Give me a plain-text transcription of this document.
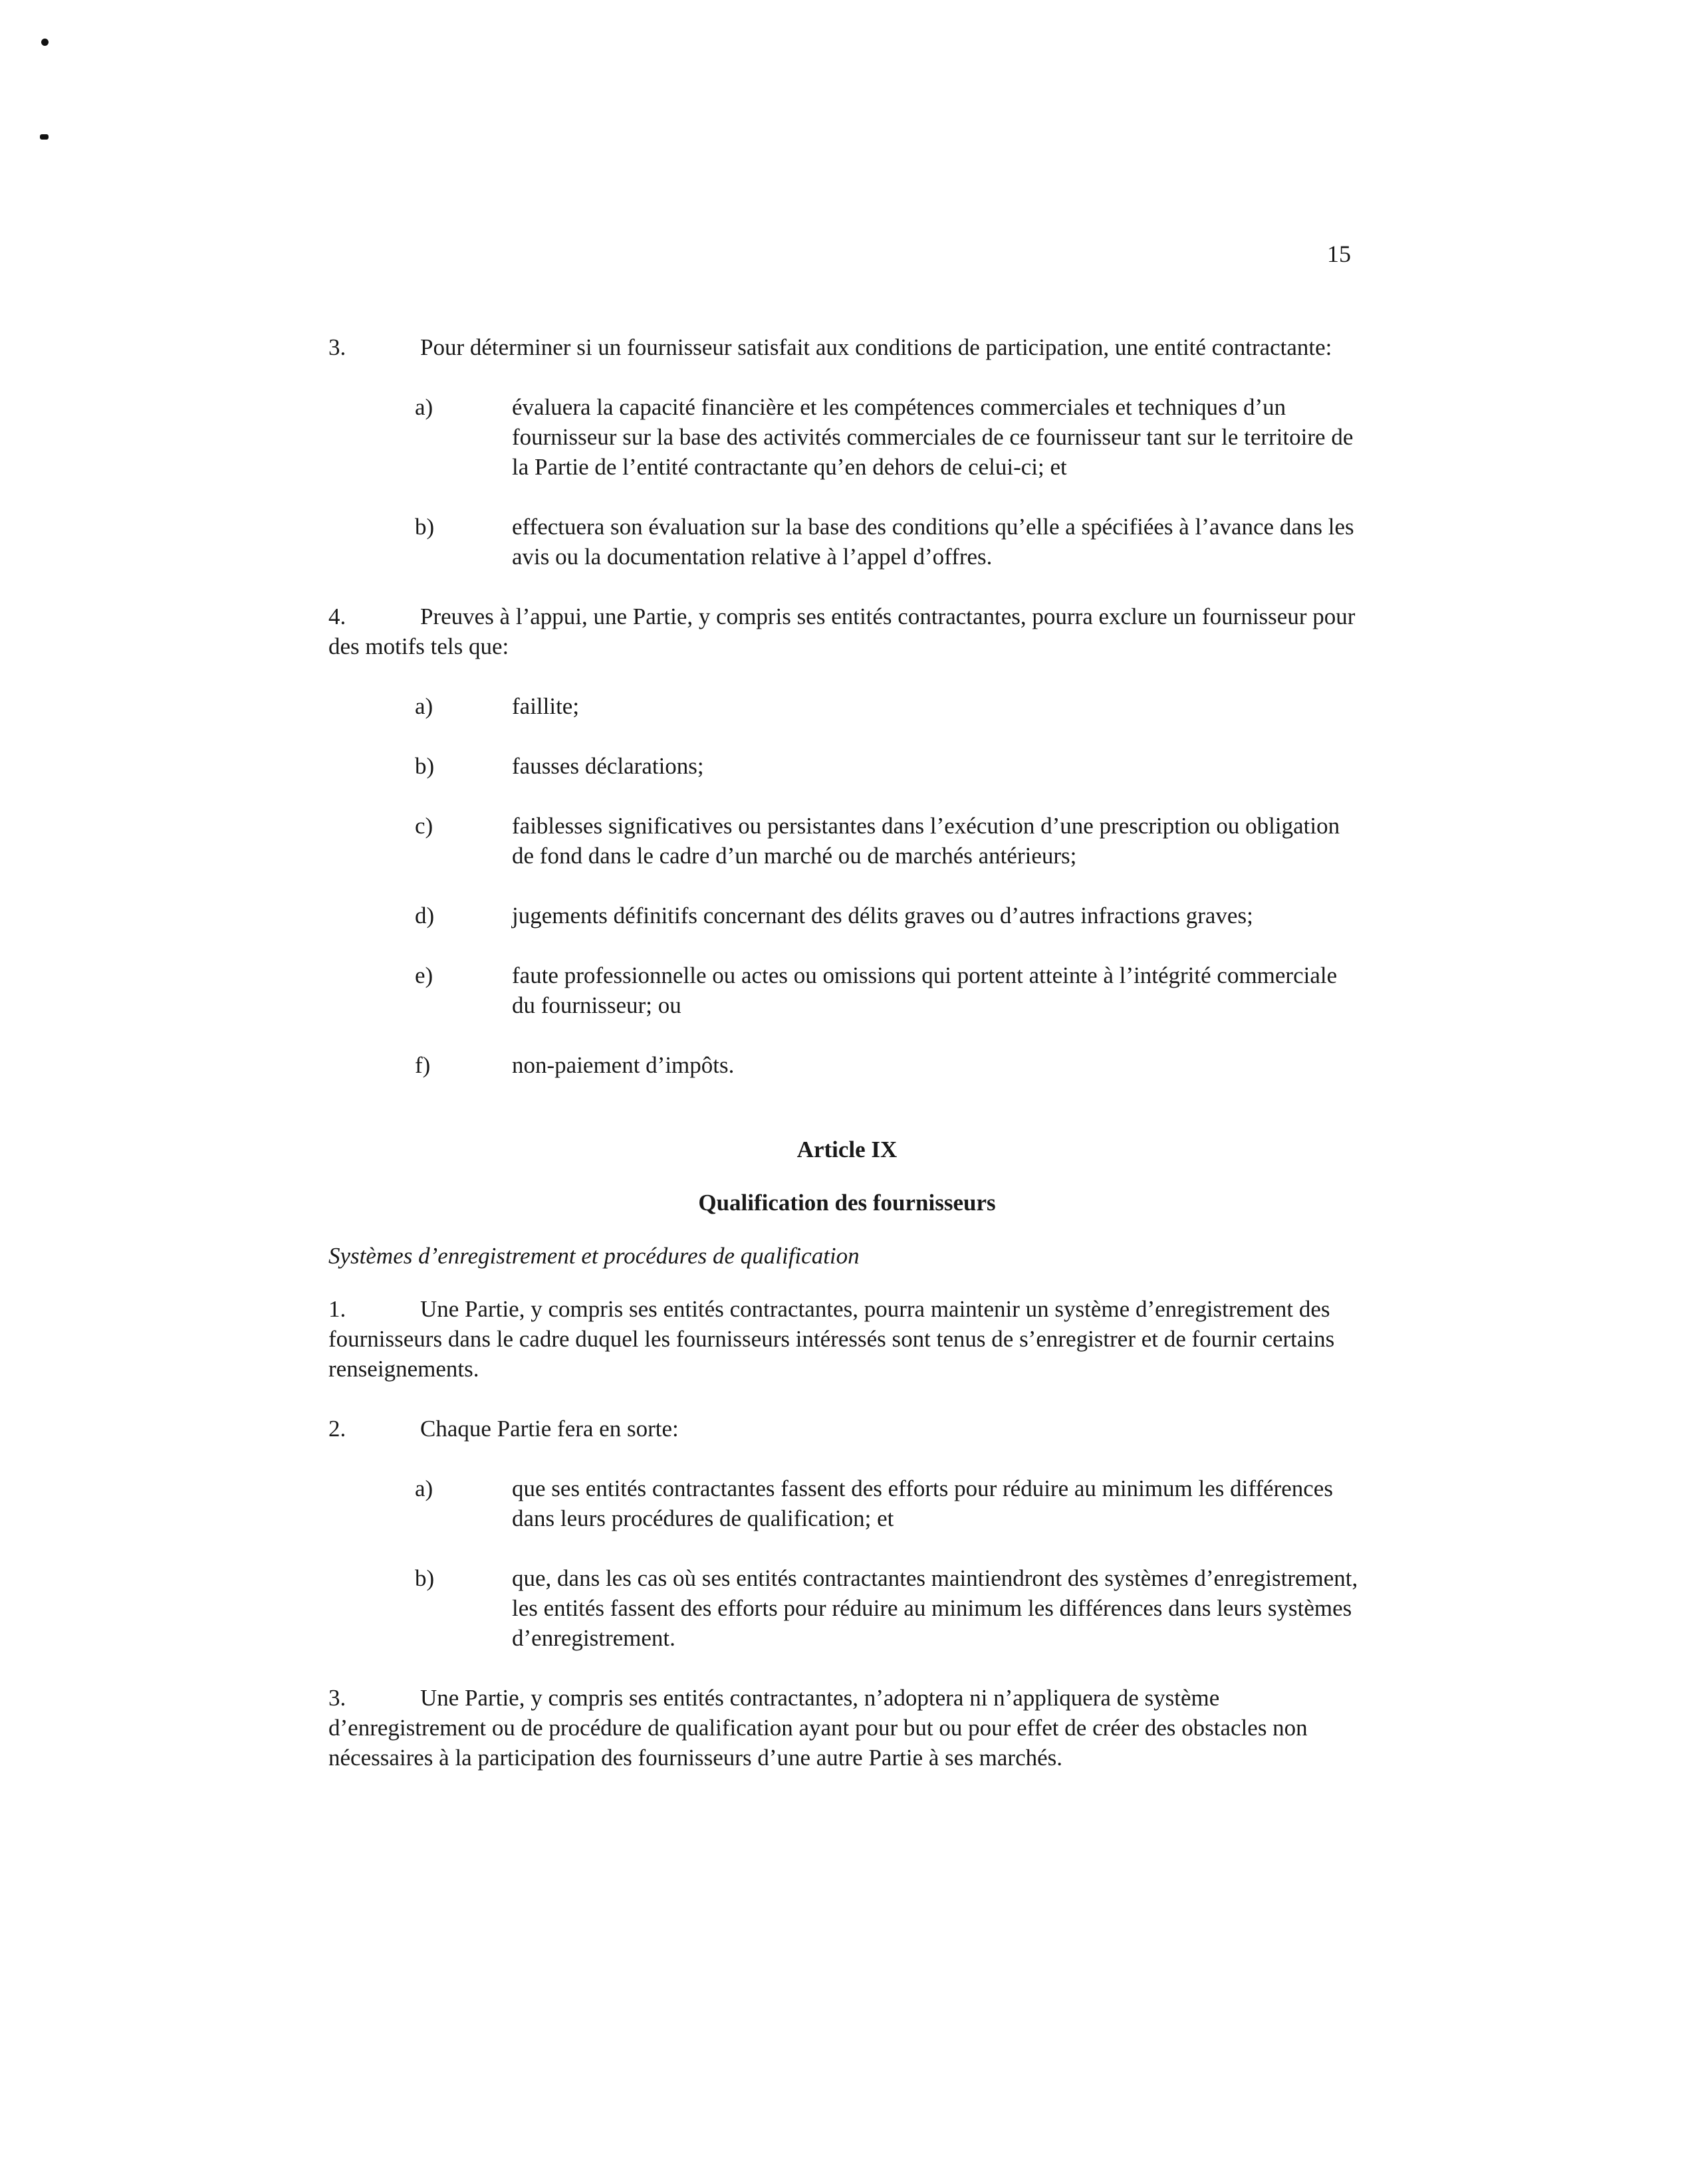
15

3.	Pour déterminer si un fournisseur satisfait aux conditions de participation, une entité contractante:

a)	évaluera la capacité financière et les compétences commerciales et techniques d’un fournisseur sur la base des activités commerciales de ce fournisseur tant sur le territoire de la Partie de l’entité contractante qu’en dehors de celui-ci; et
b)	effectuera son évaluation sur la base des conditions qu’elle a spécifiées à l’avance dans les avis ou la documentation relative à l’appel d’offres.

4.	Preuves à l’appui, une Partie, y compris ses entités contractantes, pourra exclure un fournisseur pour des motifs tels que:

a)	faillite;
b)	fausses déclarations;
c)	faiblesses significatives ou persistantes dans l’exécution d’une prescription ou obligation de fond dans le cadre d’un marché ou de marchés antérieurs;
d)	jugements définitifs concernant des délits graves ou d’autres infractions graves;
e)	faute professionnelle ou actes ou omissions qui portent atteinte à l’intégrité commerciale du fournisseur; ou
f)	non-paiement d’impôts.
Article IX
Qualification des fournisseurs
Systèmes d’enregistrement et procédures de qualification

1.	Une Partie, y compris ses entités contractantes, pourra maintenir un système d’enregistrement des fournisseurs dans le cadre duquel les fournisseurs intéressés sont tenus de s’enregistrer et de fournir certains renseignements.

2.	Chaque Partie fera en sorte:

a)	que ses entités contractantes fassent des efforts pour réduire au minimum les différences dans leurs procédures de qualification; et
b)	que, dans les cas où ses entités contractantes maintiendront des systèmes d’enregistrement, les entités fassent des efforts pour réduire au minimum les différences dans leurs systèmes d’enregistrement.

3.	Une Partie, y compris ses entités contractantes, n’adoptera ni n’appliquera de système d’enregistrement ou de procédure de qualification ayant pour but ou pour effet de créer des obstacles non nécessaires à la participation des fournisseurs d’une autre Partie à ses marchés.
